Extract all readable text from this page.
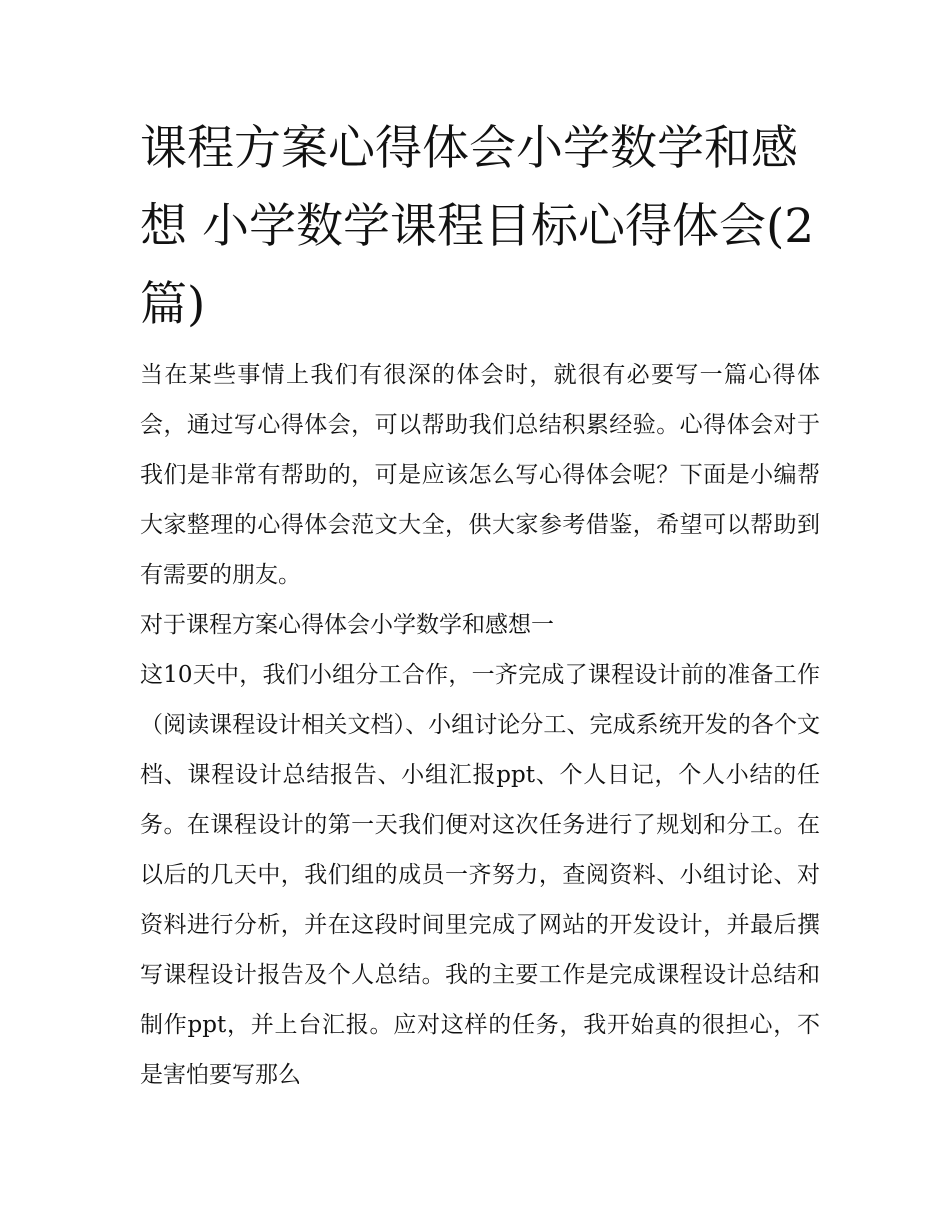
课程方案心得体会小学数学和感想 小学数学课程目标心得体会(2篇)

当在某些事情上我们有很深的体会时，就很有必要写一篇心得体会，通过写心得体会，可以帮助我们总结积累经验。心得体会对于我们是非常有帮助的，可是应该怎么写心得体会呢？下面是小编帮大家整理的心得体会范文大全，供大家参考借鉴，希望可以帮助到有需要的朋友。

对于课程方案心得体会小学数学和感想一

这10天中，我们小组分工合作，一齐完成了课程设计前的准备工作（阅读课程设计相关文档）、小组讨论分工、完成系统开发的各个文档、课程设计总结报告、小组汇报ppt、个人日记，个人小结的任务。在课程设计的第一天我们便对这次任务进行了规划和分工。在以后的几天中，我们组的成员一齐努力，查阅资料、小组讨论、对资料进行分析，并在这段时间里完成了网站的开发设计，并最后撰写课程设计报告及个人总结。我的主要工作是完成课程设计总结和制作ppt，并上台汇报。应对这样的任务，我开始真的很担心，不是害怕要写那么
